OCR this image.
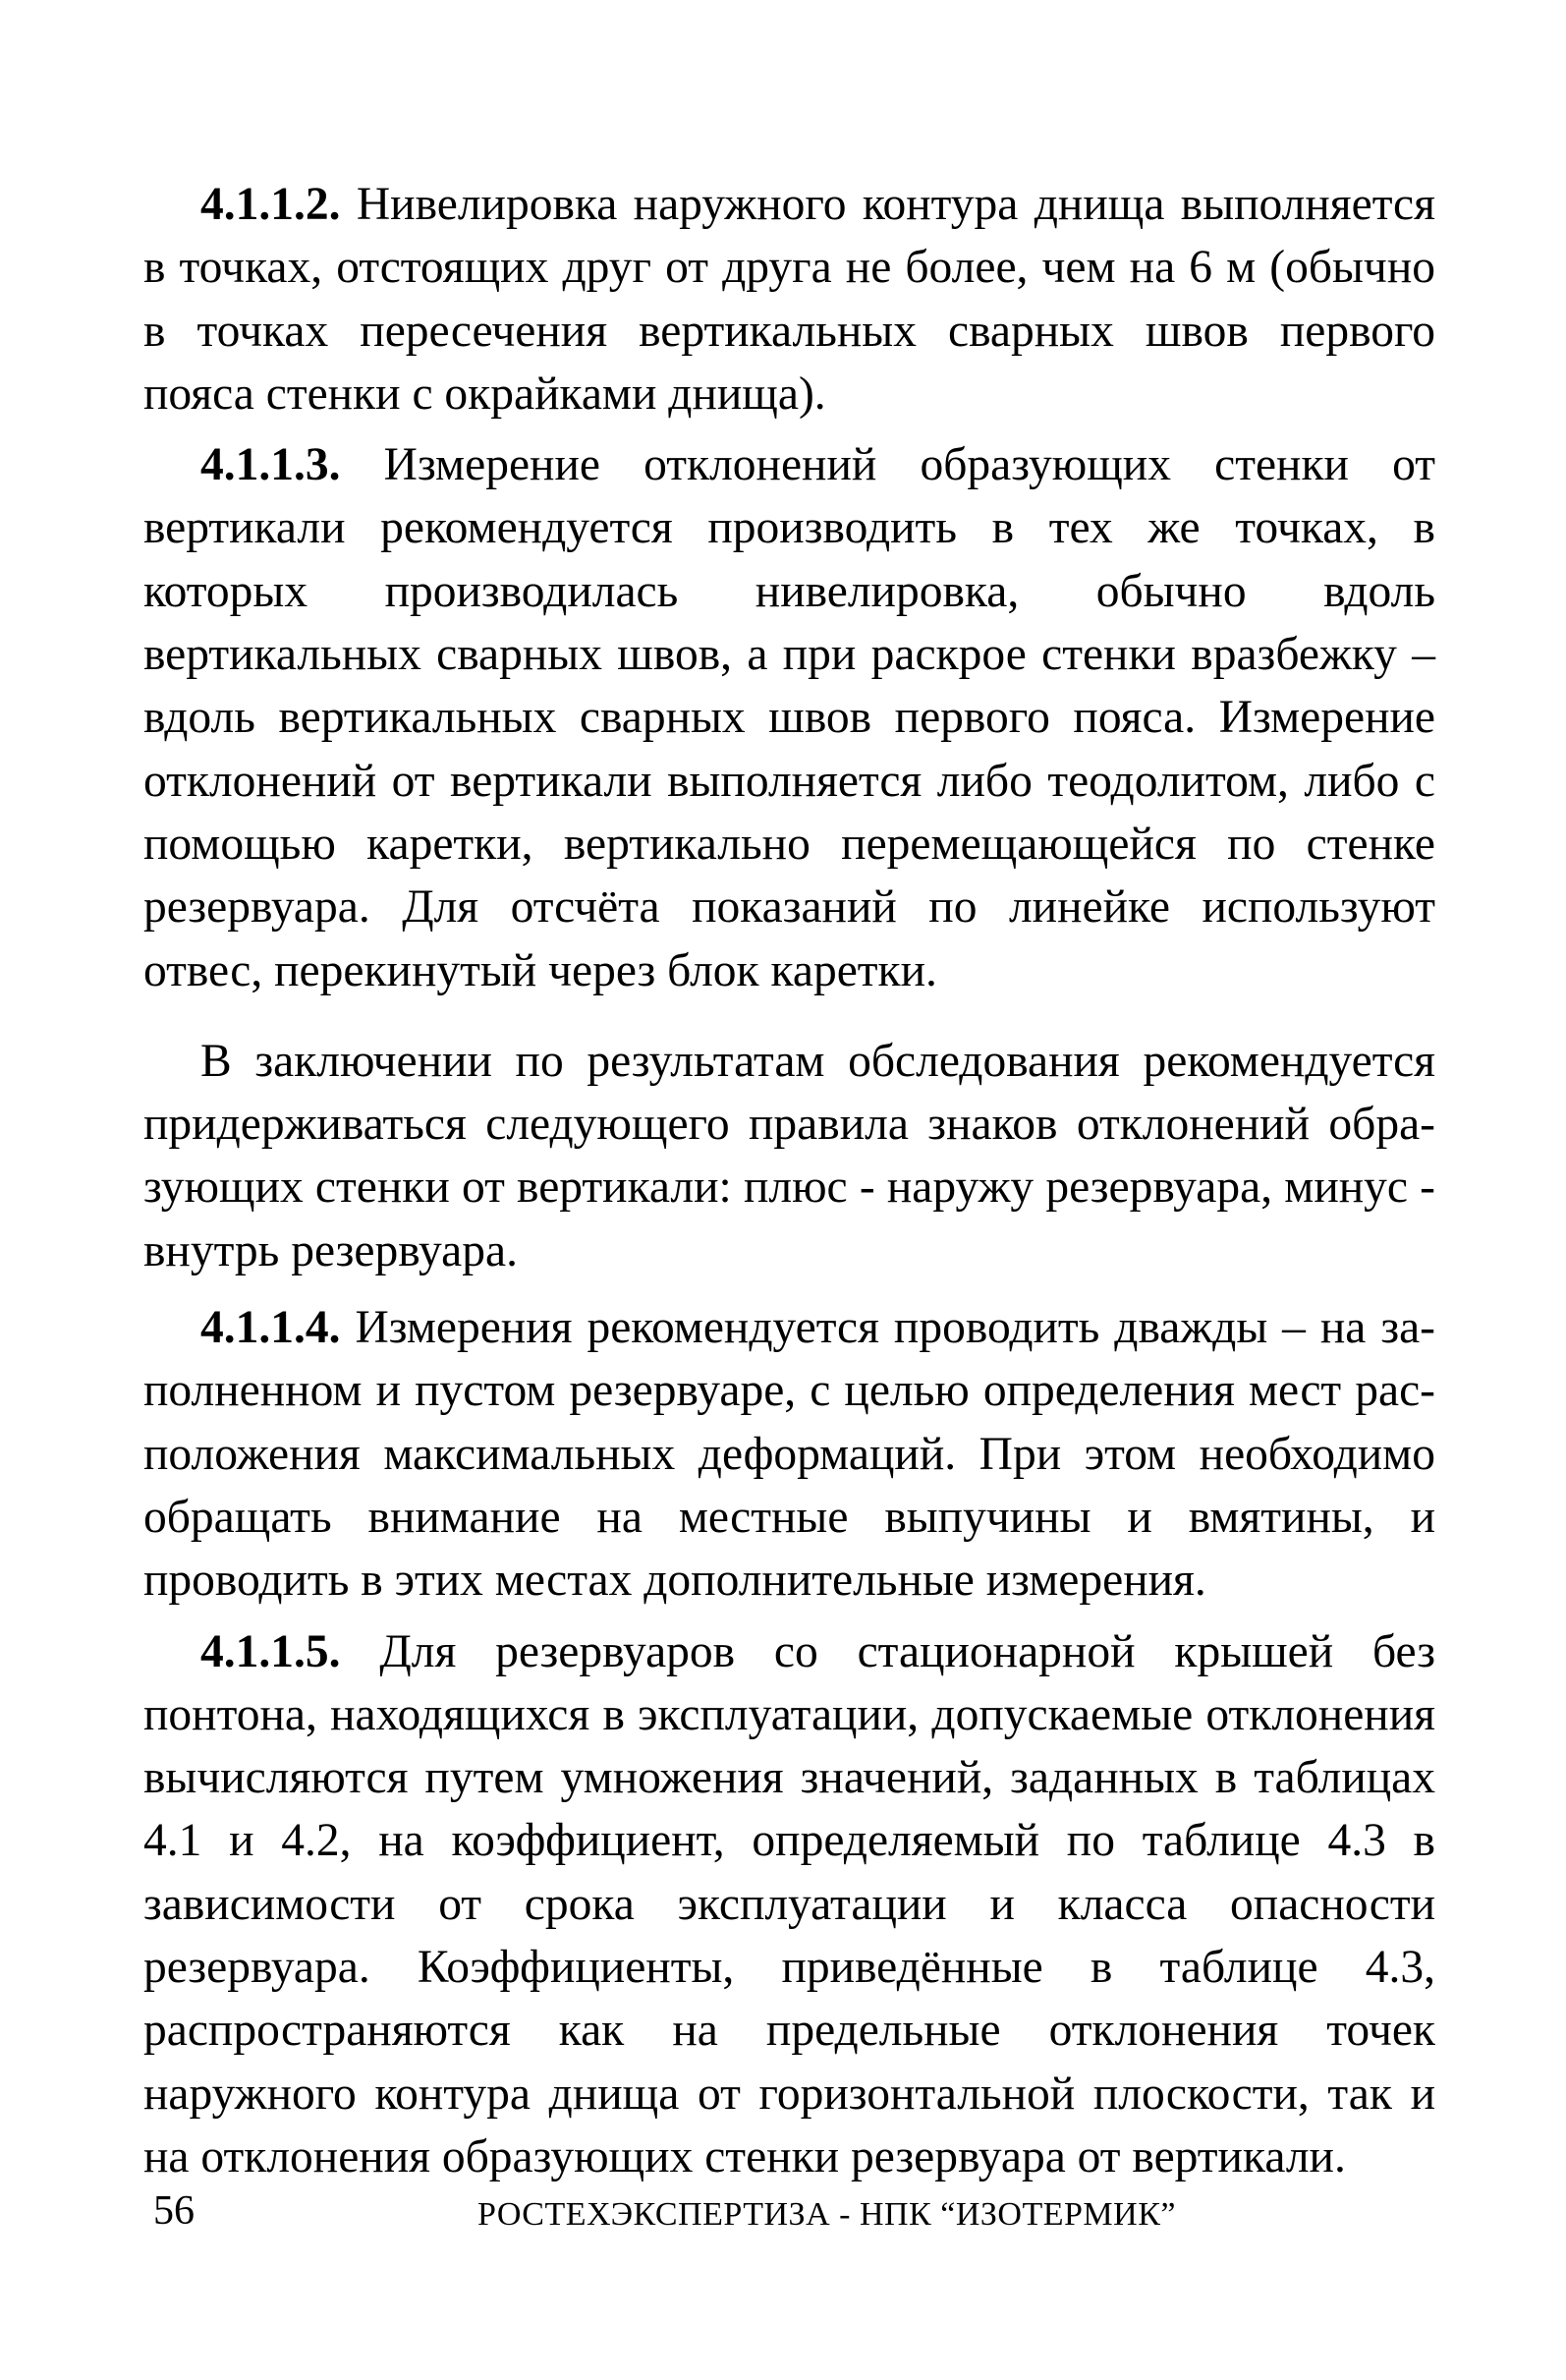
4.1.1.2. Нивелировка наружного контура днища выполняется в точках, отстоящих друг от друга не более, чем на 6 м (обычно в точках пересечения вертикальных сварных швов первого пояса стенки с окрайками днища).

4.1.1.3. Измерение отклонений образующих стенки от вертикали рекомендуется производить в тех же точках, в которых производилась нивелировка, обычно вдоль вертикальных сварных швов, а при раскрое стенки вразбежку – вдоль вертикальных сварных швов первого пояса. Измерение отклонений от вертикали выполняется либо теодолитом, либо с помощью каретки, вертикально перемещающейся по стенке резервуара. Для отсчёта показаний по линейке используют отвес, перекинутый через блок каретки.

В заключении по результатам обследования рекомендуется придерживаться следующего правила знаков отклонений образующих стенки от вертикали: плюс - наружу резервуара, минус - внутрь резервуара.

4.1.1.4. Измерения рекомендуется проводить дважды – на заполненном и пустом резервуаре, с целью определения мест расположения максимальных деформаций. При этом необходимо обращать внимание на местные выпучины и вмятины, и проводить в этих местах дополнительные измерения.

4.1.1.5. Для резервуаров со стационарной крышей без понтона, находящихся в эксплуатации, допускаемые отклонения вычисляются путем умножения значений, заданных в таблицах 4.1 и 4.2, на коэффициент, определяемый по таблице 4.3 в зависимости от срока эксплуатации и класса опасности резервуара. Коэффициенты, приведённые в таблице 4.3, распространяются как на предельные отклонения точек наружного контура днища от горизонтальной плоскости, так и на отклонения образующих стенки резервуара от вертикали.

56	РОСТЕХЭКСПЕРТИЗА - НПК “ИЗОТЕРМИК”
